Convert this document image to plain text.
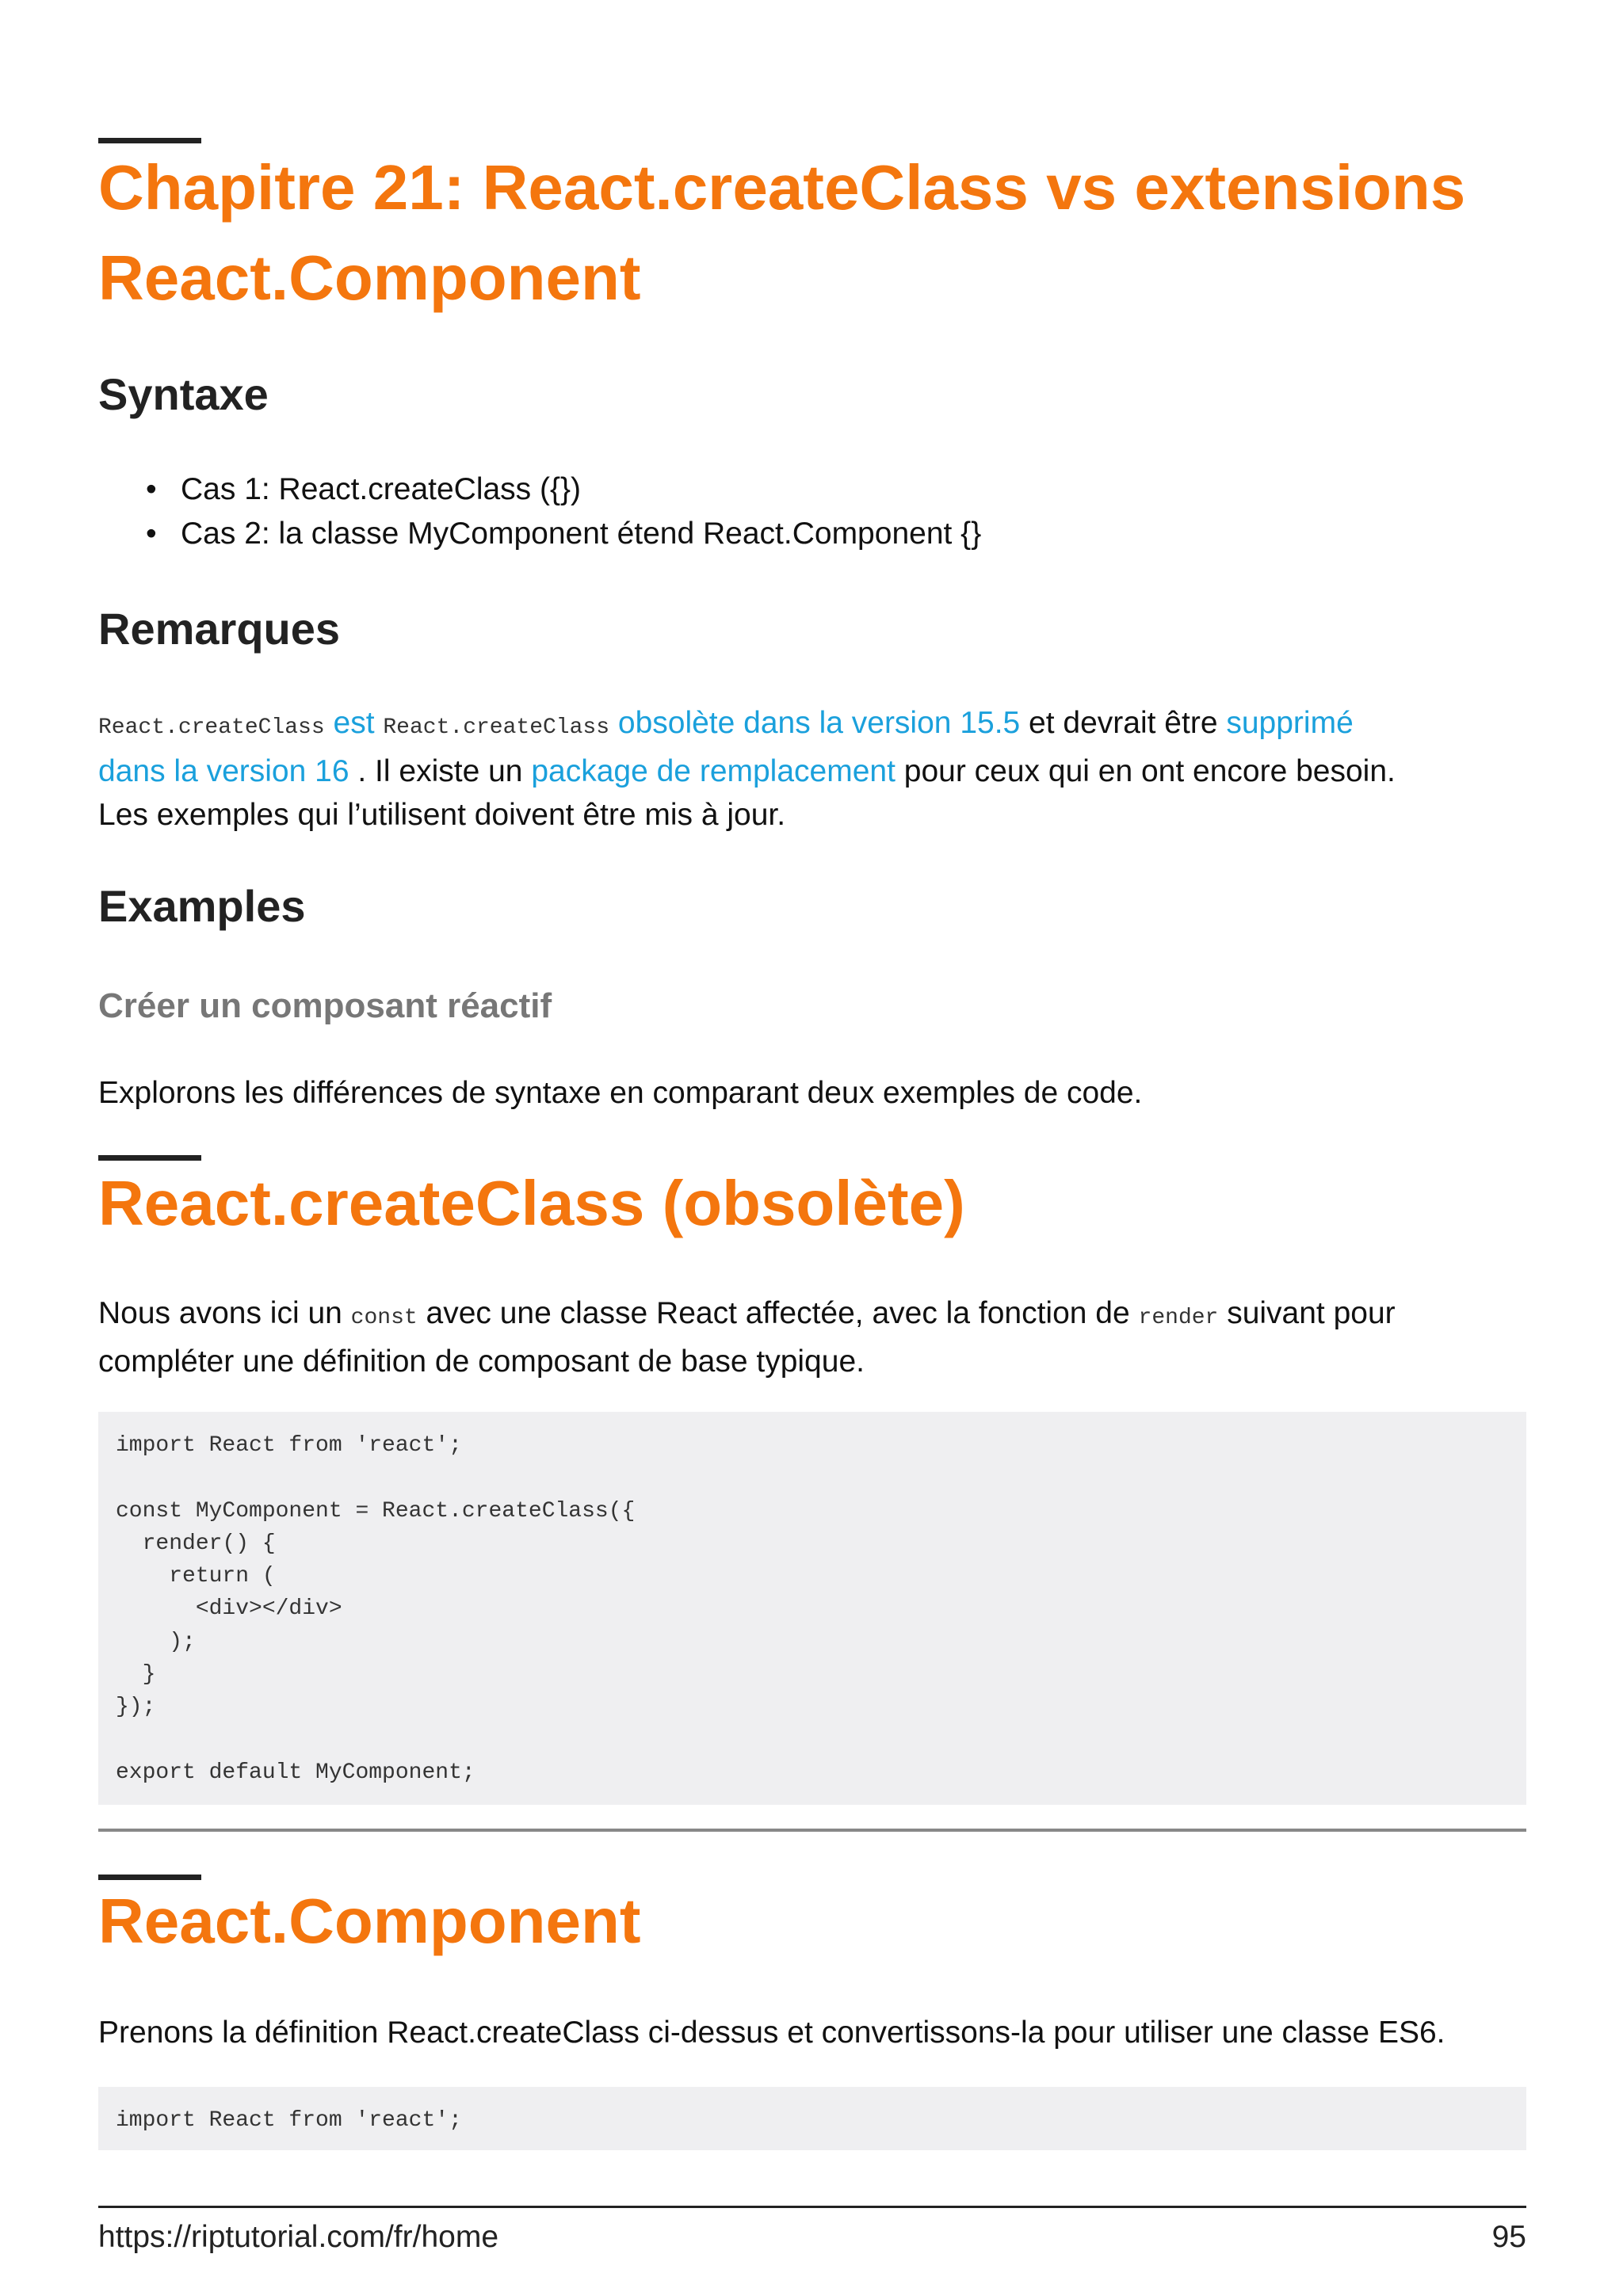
Chapitre 21: React.createClass vs extensions
React.Component
Syntaxe
• Cas 1: React.createClass ({})
• Cas 2: la classe MyComponent étend React.Component {}
Remarques

React.createClass est React.createClass obsolète dans la version 15.5 et devrait être supprimé
dans la version 16 . Il existe un package de remplacement pour ceux qui en ont encore besoin.
Les exemples qui l’utilisent doivent être mis à jour.

Examples
Créer un composant réactif

Explorons les différences de syntaxe en comparant deux exemples de code.

React.createClass (obsolète)

Nous avons ici un const avec une classe React affectée, avec la fonction de render suivant pour
compléter une définition de composant de base typique.

import React from 'react';

const MyComponent = React.createClass({
render() {
return (
<div></div>
);
}
});

export default MyComponent;
React.Component

Prenons la définition React.createClass ci-dessus et convertissons-la pour utiliser une classe ES6.

import React from 'react';
https://riptutorial.com/fr/home	95
